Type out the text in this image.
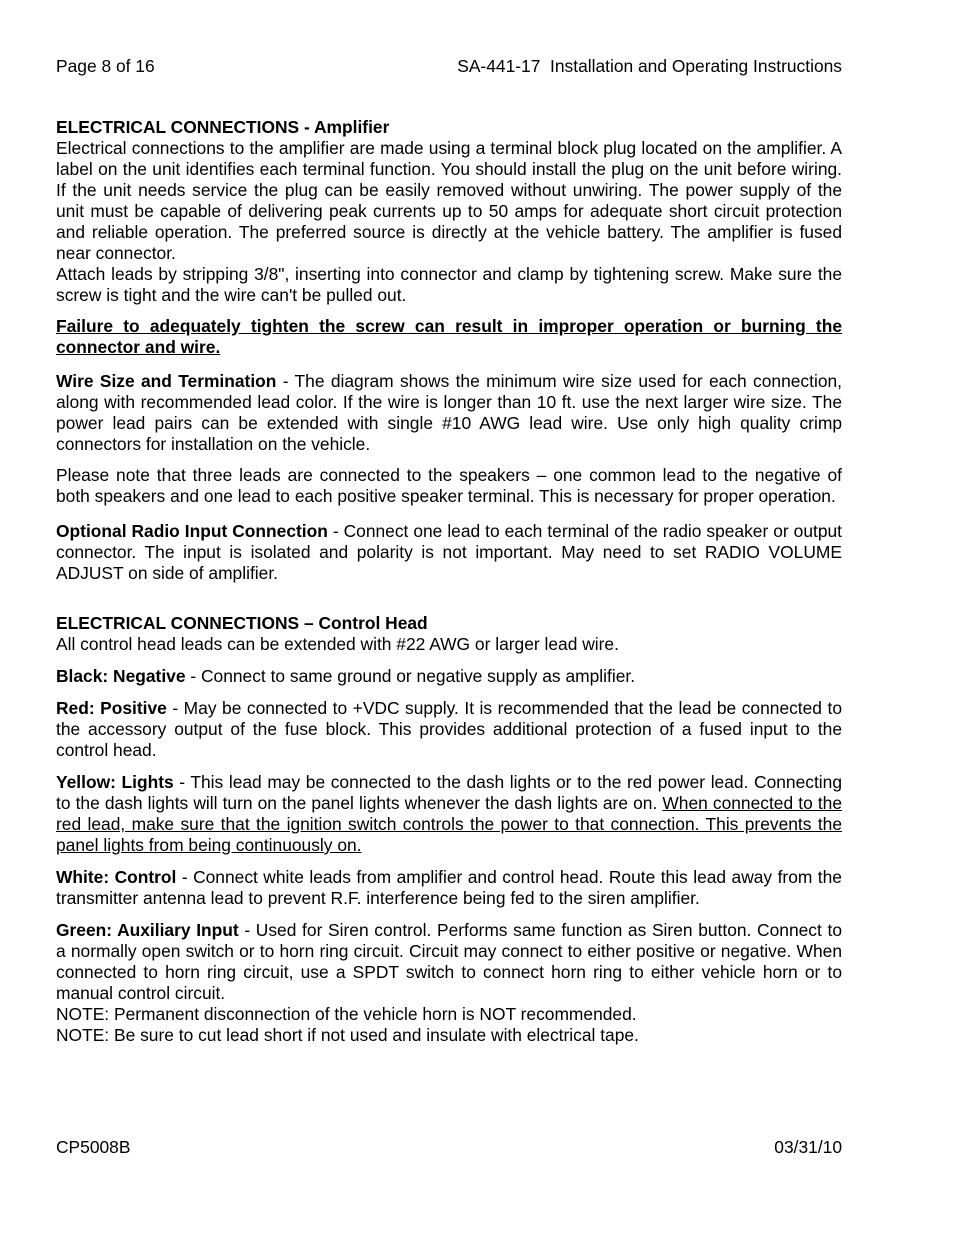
Page 8 of 16	SA-441-17  Installation and Operating Instructions

ELECTRICAL CONNECTIONS - Amplifier

Electrical connections to the amplifier are made using a terminal block plug located on the amplifier. A label on the unit identifies each terminal function. You should install the plug on the unit before wiring. If the unit needs service the plug can be easily removed without unwiring. The power supply of the unit must be capable of delivering peak currents up to 50 amps for adequate short circuit protection and reliable operation. The preferred source is directly at the vehicle battery. The amplifier is fused near connector.

Attach leads by stripping 3/8", inserting into connector and clamp by tightening screw. Make sure the screw is tight and the wire can't be pulled out.

Failure to adequately tighten the screw can result in improper operation or burning the connector and wire.

Wire Size and Termination - The diagram shows the minimum wire size used for each connection, along with recommended lead color. If the wire is longer than 10 ft. use the next larger wire size. The power lead pairs can be extended with single #10 AWG lead wire. Use only high quality crimp connectors for installation on the vehicle.

Please note that three leads are connected to the speakers – one common lead to the negative of both speakers and one lead to each positive speaker terminal. This is necessary for proper operation.

Optional Radio Input Connection - Connect one lead to each terminal of the radio speaker or output connector. The input is isolated and polarity is not important. May need to set RADIO VOLUME ADJUST on side of amplifier.

ELECTRICAL CONNECTIONS – Control Head

All control head leads can be extended with #22 AWG or larger lead wire.

Black: Negative - Connect to same ground or negative supply as amplifier.

Red: Positive - May be connected to +VDC supply. It is recommended that the lead be connected to the accessory output of the fuse block. This provides additional protection of a fused input to the control head.

Yellow: Lights - This lead may be connected to the dash lights or to the red power lead. Connecting to the dash lights will turn on the panel lights whenever the dash lights are on. When connected to the red lead, make sure that the ignition switch controls the power to that connection. This prevents the panel lights from being continuously on.

White: Control - Connect white leads from amplifier and control head. Route this lead away from the transmitter antenna lead to prevent R.F. interference being fed to the siren amplifier.

Green: Auxiliary Input - Used for Siren control. Performs same function as Siren button. Connect to a normally open switch or to horn ring circuit. Circuit may connect to either positive or negative. When connected to horn ring circuit, use a SPDT switch to connect horn ring to either vehicle horn or to manual control circuit.

NOTE: Permanent disconnection of the vehicle horn is NOT recommended.

NOTE: Be sure to cut lead short if not used and insulate with electrical tape.

CP5008B	03/31/10
